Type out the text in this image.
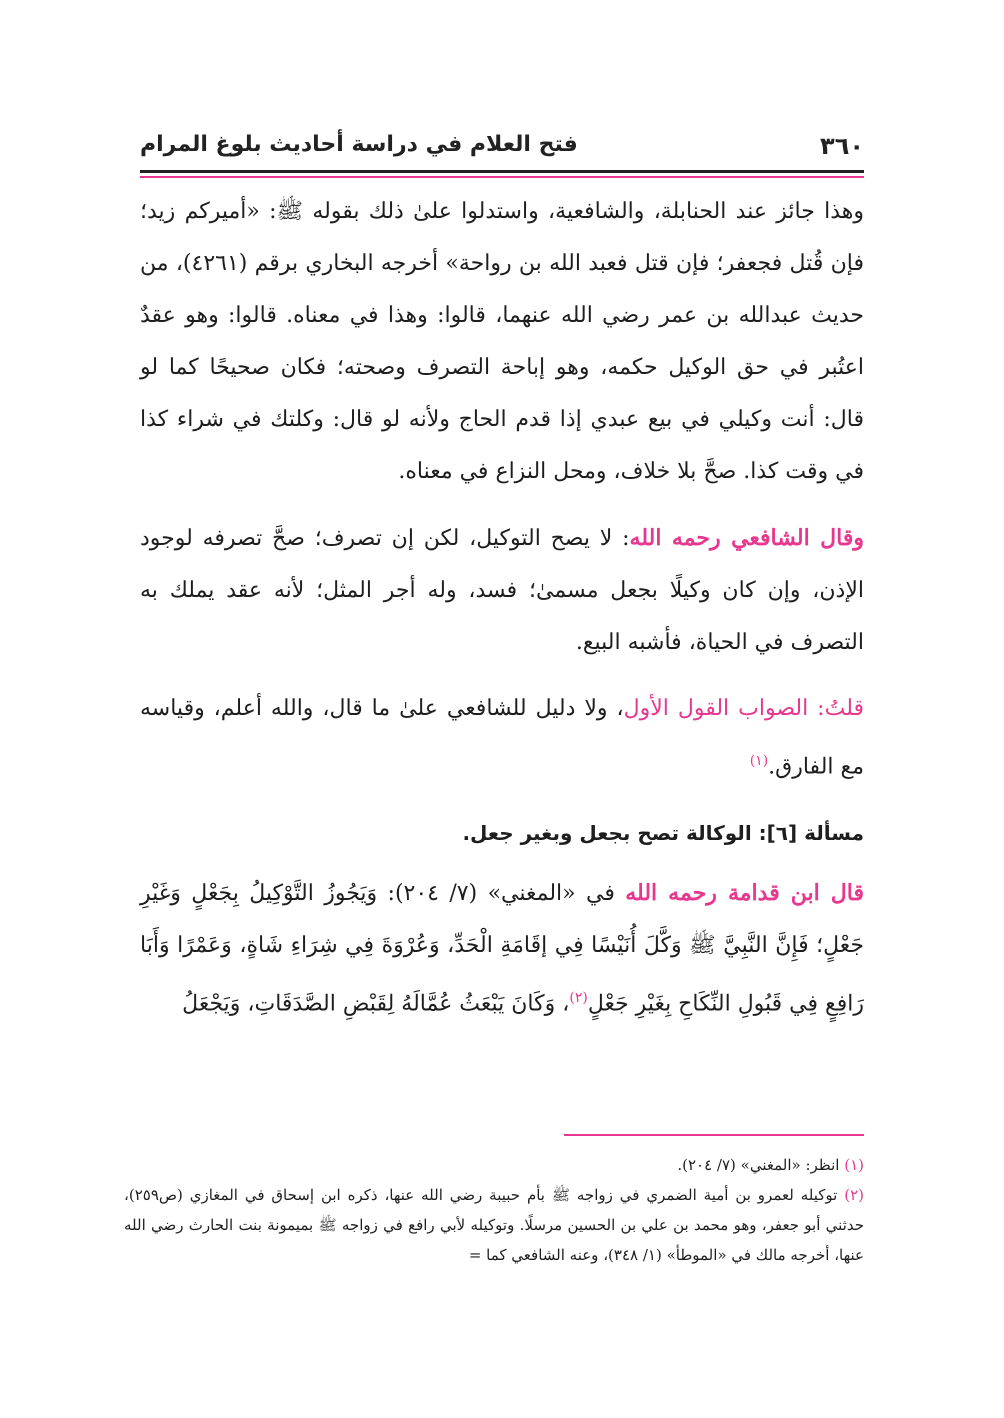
٣٦٠
فتح العلام في دراسة أحاديث بلوغ المرام

وهذا جائز عند الحنابلة، والشافعية، واستدلوا علىٰ ذلك بقوله ﷺ: «أميركم زيد؛ فإن قُتل فجعفر؛ فإن قتل فعبد الله بن رواحة» أخرجه البخاري برقم (٤٢٦١)، من حديث عبدالله بن عمر رضي الله عنهما، قالوا: وهذا في معناه. قالوا: وهو عقدٌ اعتُبر في حق الوكيل حكمه، وهو إباحة التصرف وصحته؛ فكان صحيحًا كما لو قال: أنت وكيلي في بيع عبدي إذا قدم الحاج ولأنه لو قال: وكلتك في شراء كذا في وقت كذا. صحَّ بلا خلاف، ومحل النزاع في معناه.

وقال الشافعي رحمه الله: لا يصح التوكيل، لكن إن تصرف؛ صحَّ تصرفه لوجود الإذن، وإن كان وكيلًا بجعل مسمىٰ؛ فسد، وله أجر المثل؛ لأنه عقد يملك به التصرف في الحياة، فأشبه البيع.

قلتُ: الصواب القول الأول، ولا دليل للشافعي علىٰ ما قال، والله أعلم، وقياسه مع الفارق.$^{(١)}$

مسألة [٦]: الوكالة تصح بجعل وبغير جعل.

قال ابن قدامة رحمه الله في «المغني» (٧/ ٢٠٤): وَيَجُوزُ التَّوْكِيلُ بِجَعْلٍ وَغَيْرِ جَعْلٍ؛ فَإِنَّ النَّبِيَّ ﷺ وَكَّلَ أُنَيْسًا فِي إقَامَةِ الْحَدِّ، وَعُرْوَةَ فِي شِرَاءِ شَاةٍ، وَعَمْرًا وَأَبَا رَافِعٍ فِي قَبُولِ النِّكَاحِ بِغَيْرِ جَعْلٍ$^{(٢)}$، وَكَانَ يَبْعَثُ عُمَّالَهُ لِقَبْضِ الصَّدَقَاتِ، وَيَجْعَلُ

(١) انظر: «المغني» (٧/ ٢٠٤).

(٢) توكيله لعمرو بن أمية الضمري في زواجه ﷺ بأم حبيبة رضي الله عنها، ذكره ابن إسحاق في المغازي (ص٢٥٩)، حدثني أبو جعفر، وهو محمد بن علي بن الحسين مرسلًا. وتوكيله لأبي رافع في زواجه ﷺ بميمونة بنت الحارث رضي الله عنها، أخرجه مالك في «الموطأ» (١/ ٣٤٨)، وعنه الشافعي كما =
